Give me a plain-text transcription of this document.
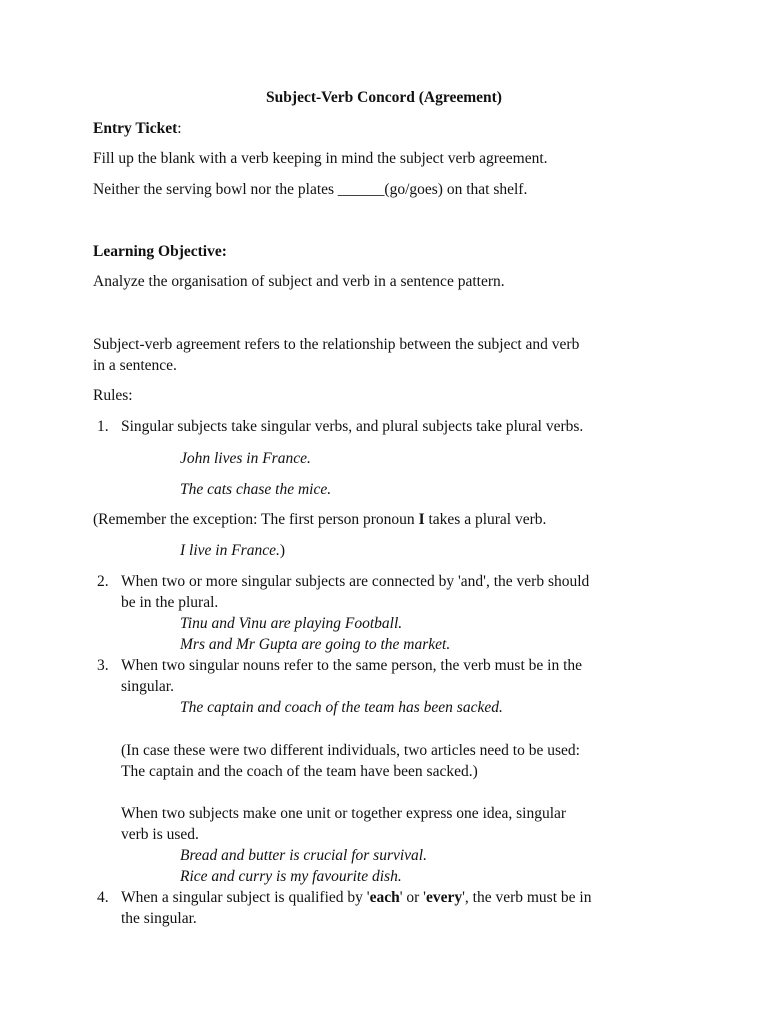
Subject-Verb Concord (Agreement)
Entry Ticket:
Fill up the blank with a verb keeping in mind the subject verb agreement.
Neither the serving bowl nor the plates ______(go/goes) on that shelf.
Learning Objective:
Analyze the organisation of subject and verb in a sentence pattern.
Subject-verb agreement refers to the relationship between the subject and verb
in a sentence.
Rules:
1. Singular subjects take singular verbs, and plural subjects take plural verbs.
John lives in France.
The cats chase the mice.
(Remember the exception: The first person pronoun I takes a plural verb.
I live in France.)
2. When two or more singular subjects are connected by 'and', the verb should
be in the plural.
Tinu and Vinu are playing Football.
Mrs and Mr Gupta are going to the market.
3. When two singular nouns refer to the same person, the verb must be in the
singular.
The captain and coach of the team has been sacked.
(In case these were two different individuals, two articles need to be used:
The captain and the coach of the team have been sacked.)
When two subjects make one unit or together express one idea, singular
verb is used.
Bread and butter is crucial for survival.
Rice and curry is my favourite dish.
4. When a singular subject is qualified by 'each' or 'every', the verb must be in
the singular.
